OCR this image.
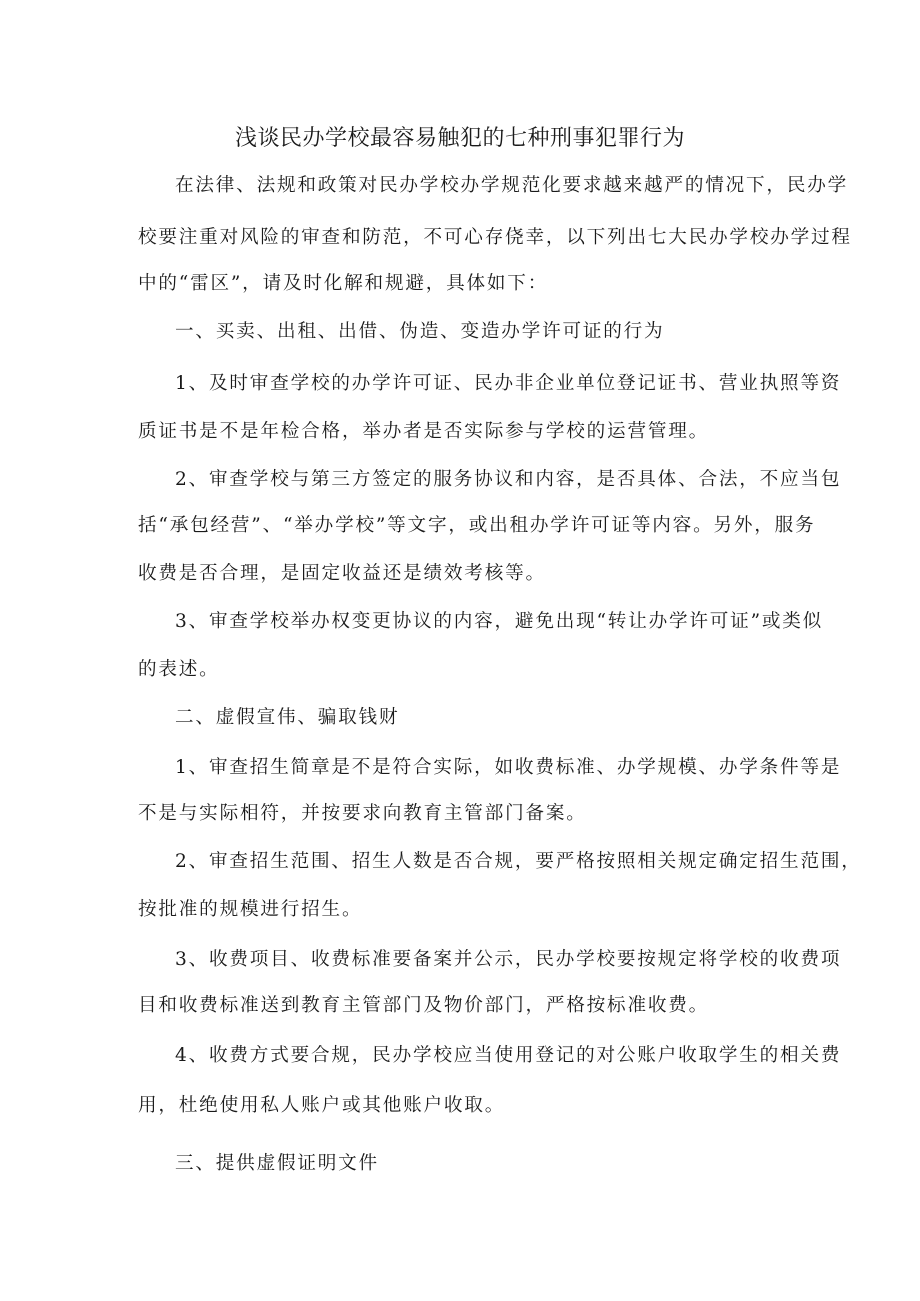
浅谈民办学校最容易触犯的七种刑事犯罪行为

在法律、法规和政策对民办学校办学规范化要求越来越严的情况下，民办学

校要注重对风险的审查和防范，不可心存侥幸，以下列出七大民办学校办学过程

中的“雷区”，请及时化解和规避，具体如下：

一、买卖、出租、出借、伪造、变造办学许可证的行为

1、及时审查学校的办学许可证、民办非企业单位登记证书、营业执照等资

质证书是不是年检合格，举办者是否实际参与学校的运营管理。

2、审查学校与第三方签定的服务协议和内容，是否具体、合法，不应当包

括“承包经营”、“举办学校”等文字，或出租办学许可证等内容。另外，服务

收费是否合理，是固定收益还是绩效考核等。

3、审查学校举办权变更协议的内容，避免出现“转让办学许可证”或类似

的表述。

二、虚假宣伟、骗取钱财

1、审查招生简章是不是符合实际，如收费标准、办学规模、办学条件等是

不是与实际相符，并按要求向教育主管部门备案。

2、审查招生范围、招生人数是否合规，要严格按照相关规定确定招生范围，

按批准的规模进行招生。

3、收费项目、收费标准要备案并公示，民办学校要按规定将学校的收费项

目和收费标准送到教育主管部门及物价部门，严格按标准收费。

4、收费方式要合规，民办学校应当使用登记的对公账户收取学生的相关费

用，杜绝使用私人账户或其他账户收取。

三、提供虚假证明文件
